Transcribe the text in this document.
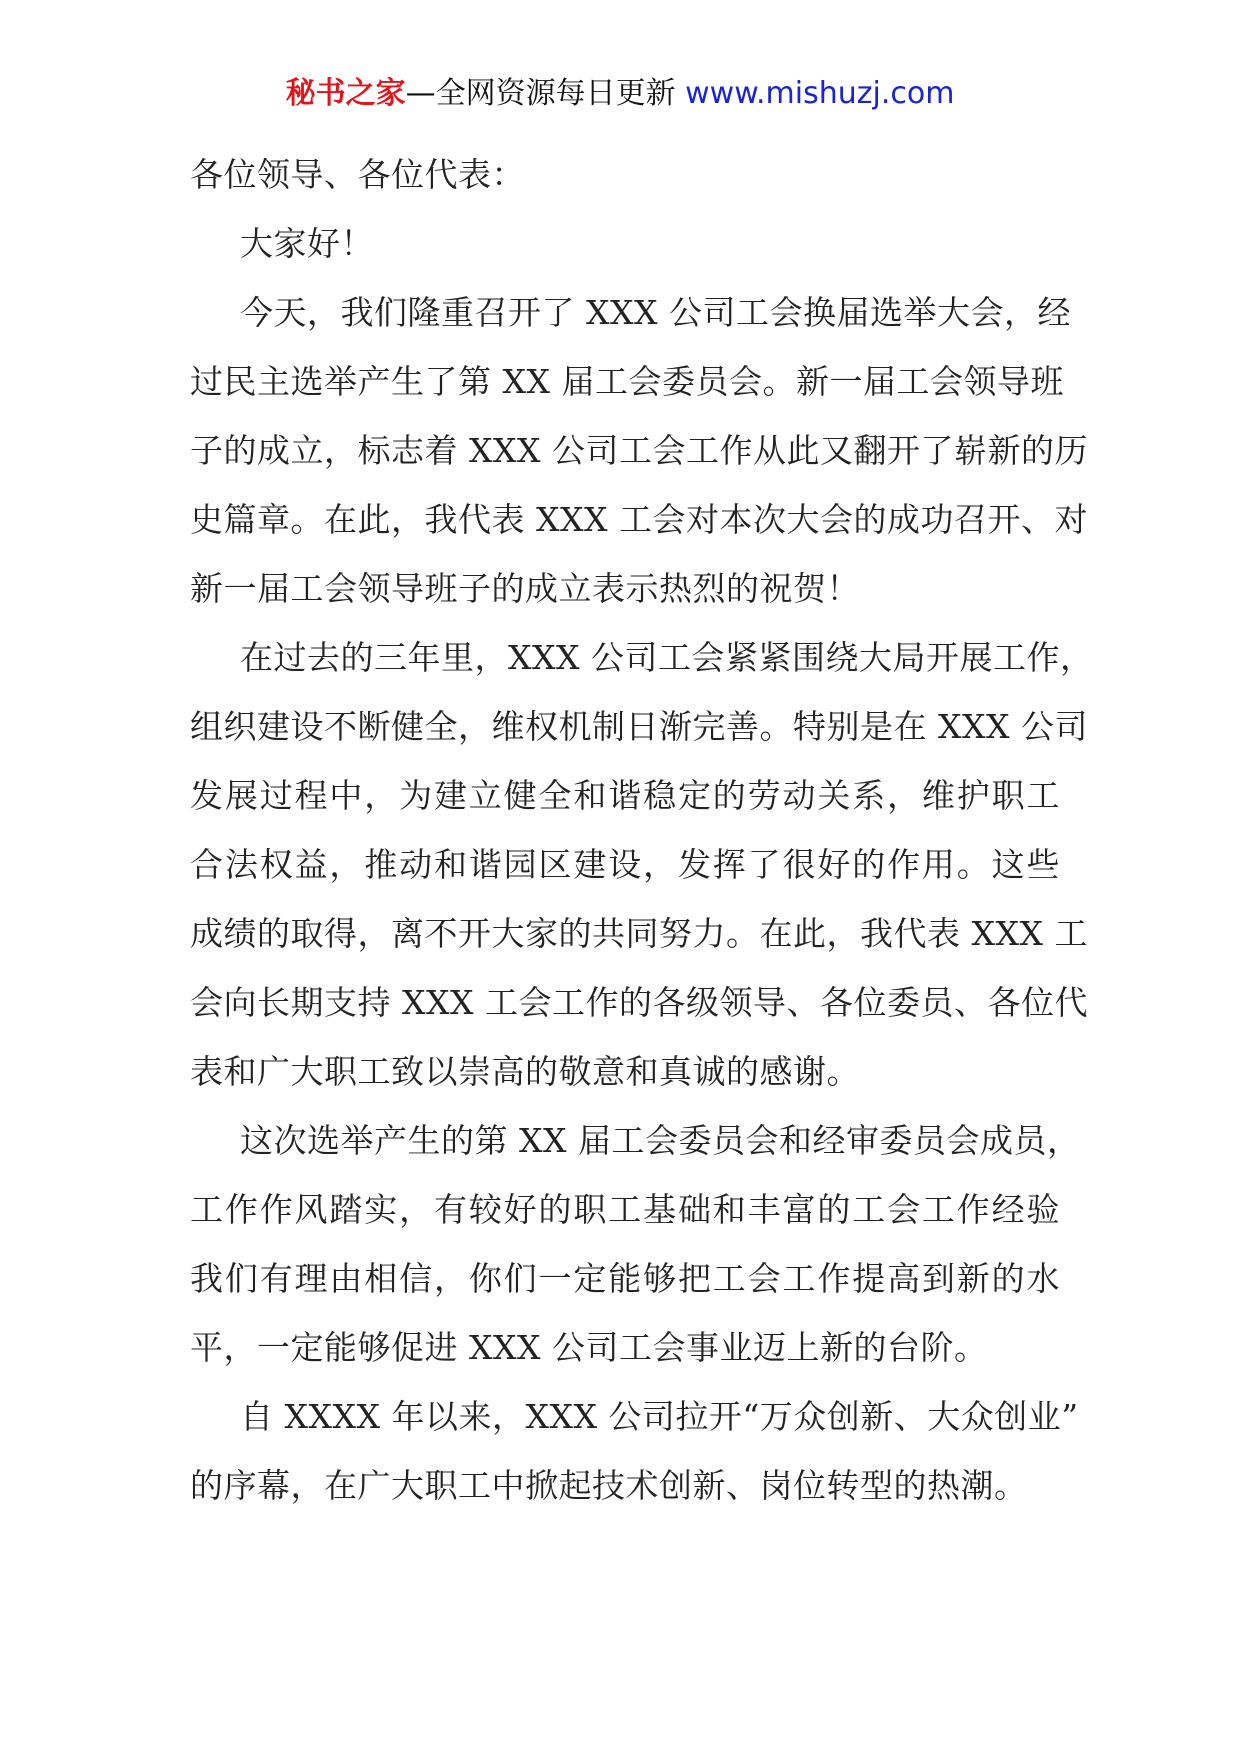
秘书之家—全网资源每日更新 www.mishuzj.com
各位领导、各位代表：
大家好！
今天，我们隆重召开了 XXX 公司工会换届选举大会，经
过民主选举产生了第 XX 届工会委员会。新一届工会领导班
子的成立，标志着 XXX 公司工会工作从此又翻开了崭新的历
史篇章。在此，我代表 XXX 工会对本次大会的成功召开、对
新一届工会领导班子的成立表示热烈的祝贺！
在过去的三年里，XXX 公司工会紧紧围绕大局开展工作，
组织建设不断健全，维权机制日渐完善。特别是在 XXX 公司
发展过程中，为建立健全和谐稳定的劳动关系，维护职工
合法权益，推动和谐园区建设，发挥了很好的作用。这些
成绩的取得，离不开大家的共同努力。在此，我代表 XXX 工
会向长期支持 XXX 工会工作的各级领导、各位委员、各位代
表和广大职工致以崇高的敬意和真诚的感谢。
这次选举产生的第 XX 届工会委员会和经审委员会成员，
工作作风踏实，有较好的职工基础和丰富的工会工作经验
我们有理由相信，你们一定能够把工会工作提高到新的水
平，一定能够促进 XXX 公司工会事业迈上新的台阶。
自 XXXX 年以来，XXX 公司拉开“万众创新、大众创业”
的序幕，在广大职工中掀起技术创新、岗位转型的热潮。
